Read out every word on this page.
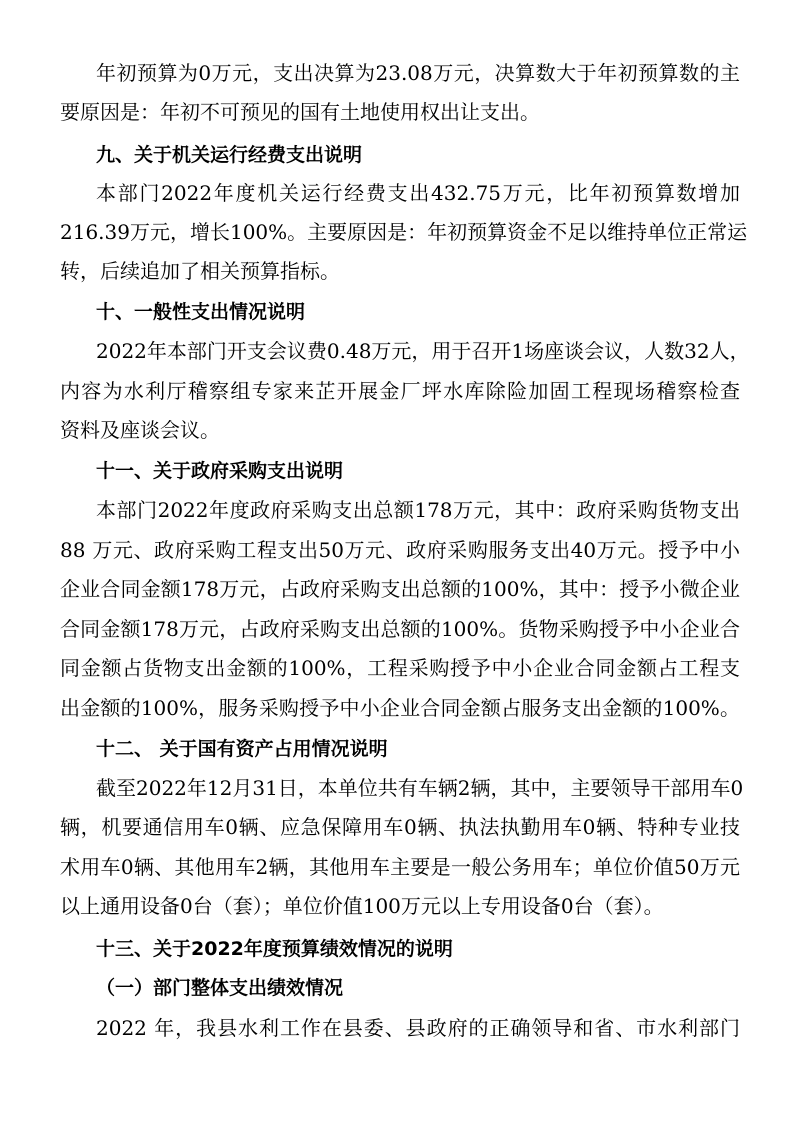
年初预算为0万元，支出决算为23.08万元，决算数大于年初预算数的主
要原因是：年初不可预见的国有土地使用权出让支出。
九、关于机关运行经费支出说明
本部门2022年度机关运行经费支出432.75万元，比年初预算数增加
216.39万元，增长100%。主要原因是：年初预算资金不足以维持单位正常运
转，后续追加了相关预算指标。
十、一般性支出情况说明
2022年本部门开支会议费0.48万元，用于召开1场座谈会议，人数32人，
内容为水利厅稽察组专家来芷开展金厂坪水库除险加固工程现场稽察检查
资料及座谈会议。
十一、关于政府采购支出说明
本部门2022年度政府采购支出总额178万元，其中：政府采购货物支出
88 万元、政府采购工程支出50万元、政府采购服务支出40万元。授予中小
企业合同金额178万元，占政府采购支出总额的100%，其中：授予小微企业
合同金额178万元，占政府采购支出总额的100%。货物采购授予中小企业合
同金额占货物支出金额的100%，工程采购授予中小企业合同金额占工程支
出金额的100%，服务采购授予中小企业合同金额占服务支出金额的100%。
十二、 关于国有资产占用情况说明
截至2022年12月31日，本单位共有车辆2辆，其中，主要领导干部用车0
辆，机要通信用车0辆、应急保障用车0辆、执法执勤用车0辆、特种专业技
术用车0辆、其他用车2辆，其他用车主要是一般公务用车；单位价值50万元
以上通用设备0台（套）；单位价值100万元以上专用设备0台（套）。
十三、关于2022年度预算绩效情况的说明
（一）部门整体支出绩效情况
2022 年，我县水利工作在县委、县政府的正确领导和省、市水利部门
